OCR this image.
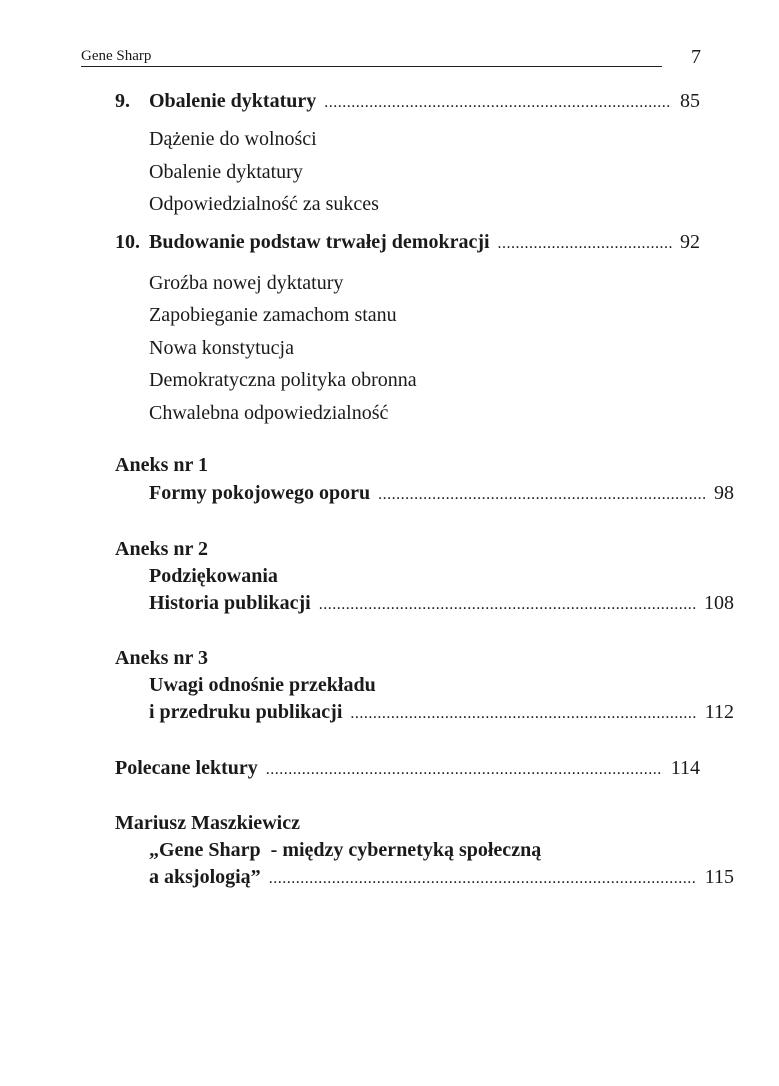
Gene Sharp	7
9. Obalenie dyktatury .....	85
Dążenie do wolności
Obalenie dyktatury
Odpowiedzialność za sukces
10. Budowanie podstaw trwałej demokracji .....	92
Groźba nowej dyktatury
Zapobieganie zamachom stanu
Nowa konstytucja
Demokratyczna polityka obronna
Chwalebna odpowiedzialność
Aneks nr 1
Formy pokojowego oporu .....	98
Aneks nr 2
Podziękowania
Historia publikacji .....	108
Aneks nr 3
Uwagi odnośnie przekładu
i przedruku publikacji .....	112
Polecane lektury .....	114
Mariusz Maszkiewicz
„Gene Sharp  - między cybernetyką społeczną
a aksjologią” .....	115
